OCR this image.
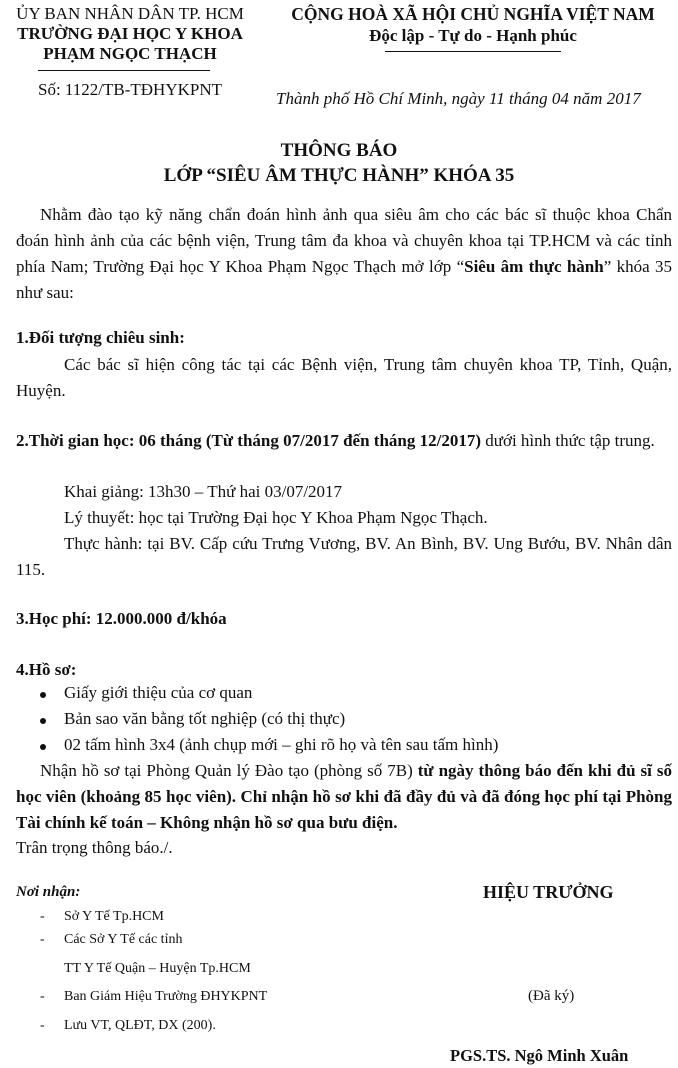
ỦY BAN NHÂN DÂN TP. HCM
TRƯỜNG ĐẠI HỌC Y KHOA
PHẠM NGỌC THẠCH
Số: 1122/TB-TĐHYKPNT
CỘNG HOÀ XÃ HỘI CHỦ NGHĨA VIỆT NAM
Độc lập - Tự do - Hạnh phúc
Thành phố Hồ Chí Minh, ngày 11 tháng 04 năm 2017
THÔNG BÁO
LỚP “SIÊU ÂM THỰC HÀNH” KHÓA 35
Nhằm đào tạo kỹ năng chẩn đoán hình ảnh qua siêu âm cho các bác sĩ thuộc khoa Chẩn đoán hình ảnh của các bệnh viện, Trung tâm đa khoa và chuyên khoa tại TP.HCM và các tỉnh phía Nam; Trường Đại học Y Khoa Phạm Ngọc Thạch mở lớp “Siêu âm thực hành” khóa 35 như sau:
1.Đối tượng chiêu sinh:
Các bác sĩ hiện công tác tại các Bệnh viện, Trung tâm chuyên khoa TP, Tỉnh, Quận, Huyện.
2.Thời gian học: 06 tháng (Từ tháng 07/2017 đến tháng 12/2017) dưới hình thức tập trung.
Khai giảng: 13h30 – Thứ hai 03/07/2017
Lý thuyết: học tại Trường Đại học Y Khoa Phạm Ngọc Thạch.
Thực hành: tại BV. Cấp cứu Trưng Vương, BV. An Bình, BV. Ung Bướu, BV. Nhân dân 115.
3.Học phí: 12.000.000 đ/khóa
4.Hồ sơ:
Giấy giới thiệu của cơ quan
Bản sao văn bằng tốt nghiệp (có thị thực)
02 tấm hình 3x4 (ảnh chụp mới – ghi rõ họ và tên sau tấm hình)
Nhận hồ sơ tại Phòng Quản lý Đào tạo (phòng số 7B) từ ngày thông báo đến khi đủ sĩ số học viên (khoảng 85 học viên). Chỉ nhận hồ sơ khi đã đầy đủ và đã đóng học phí tại Phòng Tài chính kế toán – Không nhận hồ sơ qua bưu điện.
Trân trọng thông báo./.
Nơi nhận:
- Sở Y Tế Tp.HCM
- Các Sở Y Tế các tỉnh
TT Y Tế Quận – Huyện Tp.HCM
- Ban Giám Hiệu Trường ĐHYKPNT
- Lưu VT, QLĐT, DX (200).
HIỆU TRƯỞNG
(Đã ký)
PGS.TS. Ngô Minh Xuân
